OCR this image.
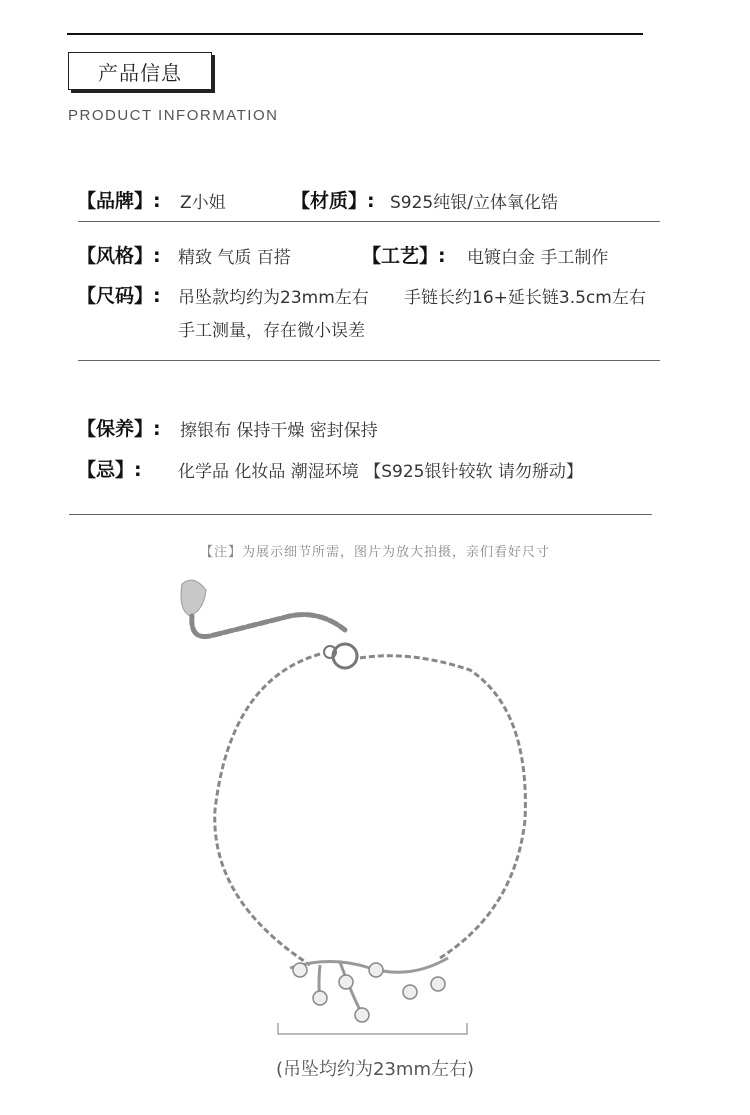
产品信息
PRODUCT INFORMATION
【品牌】: Z小姐	【材质】: S925纯银/立体氧化锆
【风格】: 精致 气质 百搭	【工艺】: 电镀白金 手工制作
【尺码】: 吊坠款均约为23mm左右 手链长约16+延长链3.5cm左右
手工测量，存在微小误差
【保养】: 擦银布 保持干燥 密封保持
【忌】: 化学品 化妆品 潮湿环境 【S925银针较软 请勿掰动】
【注】为展示细节所需，图片为放大拍摄，亲们看好尺寸
(吊坠均约为23mm左右)
